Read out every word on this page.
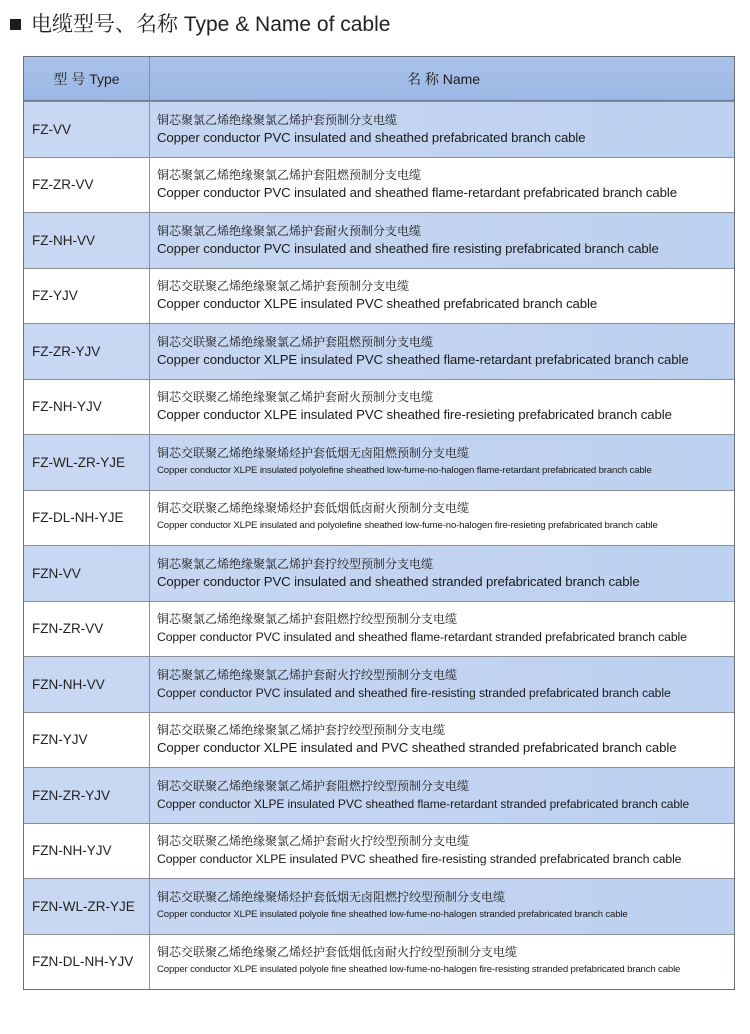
电缆型号、名称 Type & Name of cable
型 号 Type	名 称 Name
FZ-VV
铜芯聚氯乙烯绝缘聚氯乙烯护套预制分支电缆
Copper conductor PVC insulated and sheathed prefabricated branch cable
FZ-ZR-VV
铜芯聚氯乙烯绝缘聚氯乙烯护套阻燃预制分支电缆
Copper conductor PVC insulated and sheathed flame-retardant prefabricated branch cable
FZ-NH-VV
铜芯聚氯乙烯绝缘聚氯乙烯护套耐火预制分支电缆
Copper conductor PVC insulated and sheathed fire resisting prefabricated branch cable
FZ-YJV
铜芯交联聚乙烯绝缘聚氯乙烯护套预制分支电缆
Copper conductor XLPE insulated PVC sheathed prefabricated branch cable
FZ-ZR-YJV
铜芯交联聚乙烯绝缘聚氯乙烯护套阻燃预制分支电缆
Copper conductor XLPE insulated PVC sheathed flame-retardant prefabricated branch cable
FZ-NH-YJV
铜芯交联聚乙烯绝缘聚氯乙烯护套耐火预制分支电缆
Copper conductor XLPE insulated PVC sheathed fire-resieting prefabricated branch cable
FZ-WL-ZR-YJE
铜芯交联聚乙烯绝缘聚烯烃护套低烟无卤阻燃预制分支电缆
Copper conductor XLPE insulated polyolefine sheathed low-fume-no-halogen flame-retardant prefabricated branch cable
FZ-DL-NH-YJE
铜芯交联聚乙烯绝缘聚烯烃护套低烟低卤耐火预制分支电缆
Copper conductor XLPE insulated and polyolefine sheathed low-fume-no-halogen fire-resieting prefabricated branch cable
FZN-VV
铜芯聚氯乙烯绝缘聚氯乙烯护套拧绞型预制分支电缆
Copper conductor PVC insulated and sheathed stranded prefabricated branch cable
FZN-ZR-VV
铜芯聚氯乙烯绝缘聚氯乙烯护套阻燃拧绞型预制分支电缆
Copper conductor PVC insulated and sheathed flame-retardant stranded prefabricated branch cable
FZN-NH-VV
铜芯聚氯乙烯绝缘聚氯乙烯护套耐火拧绞型预制分支电缆
Copper conductor PVC insulated and sheathed fire-resisting stranded prefabricated branch cable
FZN-YJV
铜芯交联聚乙烯绝缘聚氯乙烯护套拧绞型预制分支电缆
Copper conductor XLPE insulated and PVC sheathed stranded prefabricated branch cable
FZN-ZR-YJV
铜芯交联聚乙烯绝缘聚氯乙烯护套阻燃拧绞型预制分支电缆
Copper conductor XLPE insulated PVC sheathed flame-retardant stranded prefabricated branch cable
FZN-NH-YJV
铜芯交联聚乙烯绝缘聚氯乙烯护套耐火拧绞型预制分支电缆
Copper conductor XLPE insulated PVC sheathed fire-resisting stranded prefabricated branch cable
FZN-WL-ZR-YJE
铜芯交联聚乙烯绝缘聚烯烃护套低烟无卤阻燃拧绞型预制分支电缆
Copper conductor XLPE insulated polyole fine sheathed low-fume-no-halogen stranded prefabricated branch cable
FZN-DL-NH-YJV
铜芯交联聚乙烯绝缘聚乙烯烃护套低烟低卤耐火拧绞型预制分支电缆
Copper conductor XLPE insulated polyole fine sheathed low-fume-no-halogen fire-resisting stranded prefabricated branch cable
